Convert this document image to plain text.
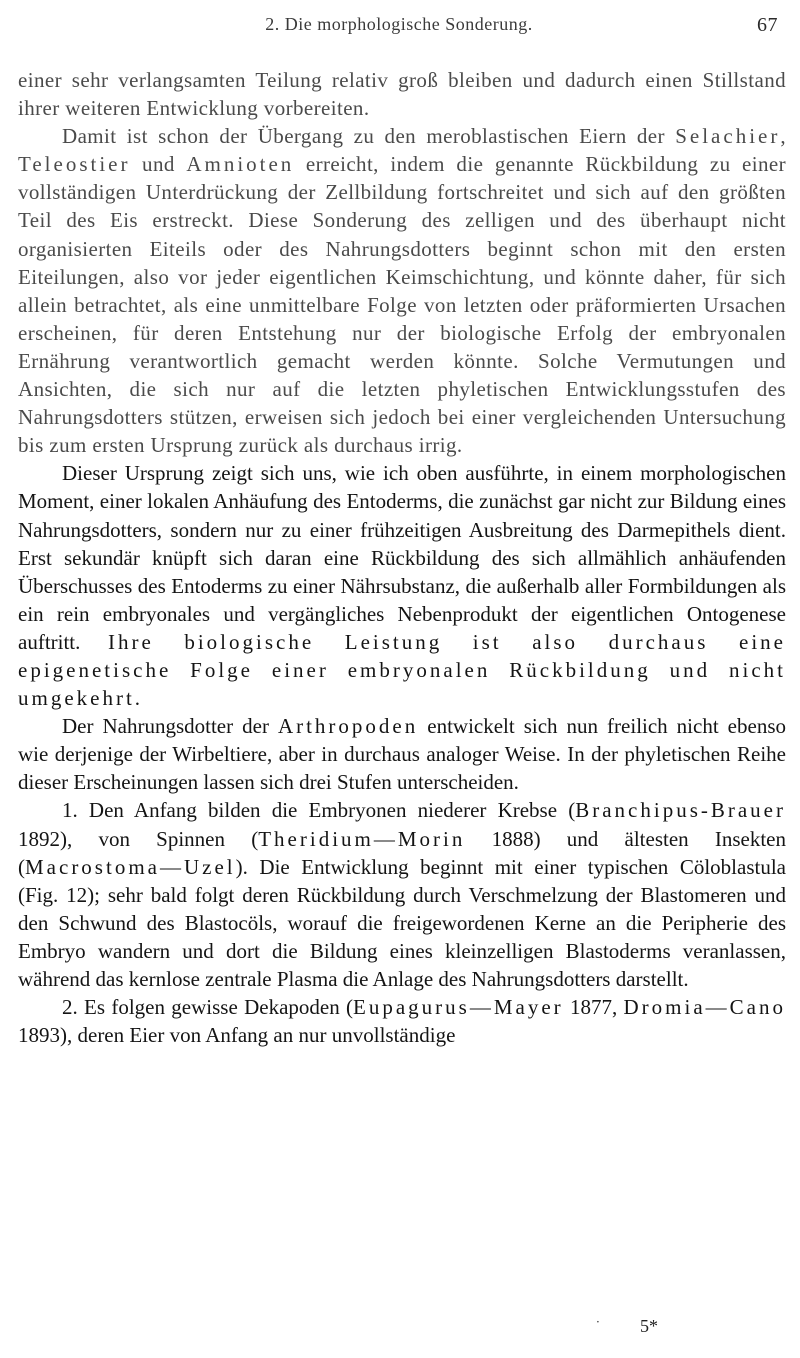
2. Die morphologische Sonderung.	67

einer sehr verlangsamten Teilung relativ groß bleiben und dadurch einen Stillstand ihrer weiteren Entwicklung vorbereiten.

Damit ist schon der Übergang zu den meroblastischen Eiern der Selachier, Teleostier und Amnioten erreicht, indem die genannte Rückbildung zu einer vollständigen Unterdrückung der Zellbildung fortschreitet und sich auf den größten Teil des Eis erstreckt. Diese Sonderung des zelligen und des überhaupt nicht organisierten Eiteils oder des Nahrungsdotters beginnt schon mit den ersten Eiteilungen, also vor jeder eigentlichen Keimschichtung, und könnte daher, für sich allein betrachtet, als eine unmittelbare Folge von letzten oder präformierten Ursachen erscheinen, für deren Entstehung nur der biologische Erfolg der embryonalen Ernährung verantwortlich gemacht werden könnte. Solche Vermutungen und Ansichten, die sich nur auf die letzten phyletischen Entwicklungsstufen des Nahrungsdotters stützen, erweisen sich jedoch bei einer vergleichenden Untersuchung bis zum ersten Ursprung zurück als durchaus irrig.

Dieser Ursprung zeigt sich uns, wie ich oben ausführte, in einem morphologischen Moment, einer lokalen Anhäufung des Entoderms, die zunächst gar nicht zur Bildung eines Nahrungsdotters, sondern nur zu einer frühzeitigen Ausbreitung des Darmepithels dient. Erst sekundär knüpft sich daran eine Rückbildung des sich allmählich anhäufenden Überschusses des Entoderms zu einer Nährsubstanz, die außerhalb aller Formbildungen als ein rein embryonales und vergängliches Nebenprodukt der eigentlichen Ontogenese auftritt. Ihre biologische Leistung ist also durchaus eine epigenetische Folge einer embryonalen Rückbildung und nicht umgekehrt.

Der Nahrungsdotter der Arthropoden entwickelt sich nun freilich nicht ebenso wie derjenige der Wirbeltiere, aber in durchaus analoger Weise. In der phyletischen Reihe dieser Erscheinungen lassen sich drei Stufen unterscheiden.

1. Den Anfang bilden die Embryonen niederer Krebse (Branchipus-Brauer 1892), von Spinnen (Theridium—Morin 1888) und ältesten Insekten (Macrostoma—Uzel). Die Entwicklung beginnt mit einer typischen Cöloblastula (Fig. 12); sehr bald folgt deren Rückbildung durch Verschmelzung der Blastomeren und den Schwund des Blastocöls, worauf die freigewordenen Kerne an die Peripherie des Embryo wandern und dort die Bildung eines kleinzelligen Blastoderms veranlassen, während das kernlose zentrale Plasma die Anlage des Nahrungsdotters darstellt.

2. Es folgen gewisse Dekapoden (Eupagurus—Mayer 1877, Dromia—Cano 1893), deren Eier von Anfang an nur unvollständige

· 5*
